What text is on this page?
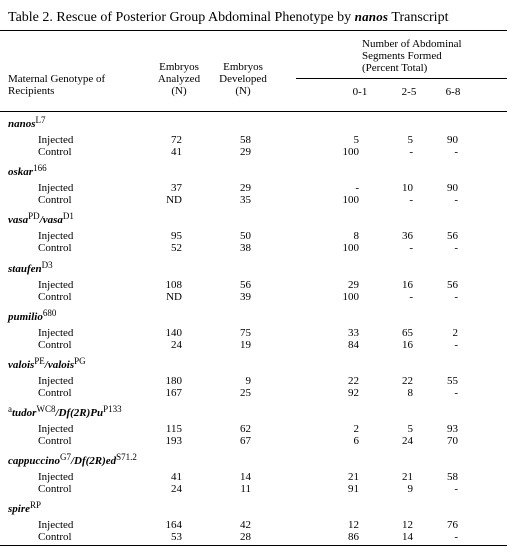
Table 2. Rescue of Posterior Group Abdominal Phenotype by nanos Transcript
Maternal Genotype of
Recipients
Embryos
Analyzed
(N)
Embryos
Developed
(N)
Number of Abdominal
Segments Formed
(Percent Total)
0-1	2-5	6-8
nanos$^{L7}$
Injected	72	58	5	5	90
Control	41	29	100	-	-
oskar$^{166}$
Injected	37	29	-	10	90
Control	ND	35	100	-	-
vasa$^{PD}$/vasa$^{D1}$
Injected	95	50	8	36	56
Control	52	38	100	-	-
staufen$^{D3}$
Injected	108	56	29	16	56
Control	ND	39	100	-	-
pumilio$^{680}$
Injected	140	75	33	65	2
Control	24	19	84	16	-
valois$^{PE}$/valois$^{PG}$
Injected	180	9	22	22	55
Control	167	25	92	8	-
$^atudor^{WC8}/Df(2R)Pu^{P133}$
Injected	115	62	2	5	93
Control	193	67	6	24	70
$cappuccino^{G7}/Df(2R)ed^{S71.2}$
Injected	41	14	21	21	58
Control	24	11	91	9	-
spire$^{RP}$
Injected	164	42	12	12	76
Control	53	28	86	14	-
